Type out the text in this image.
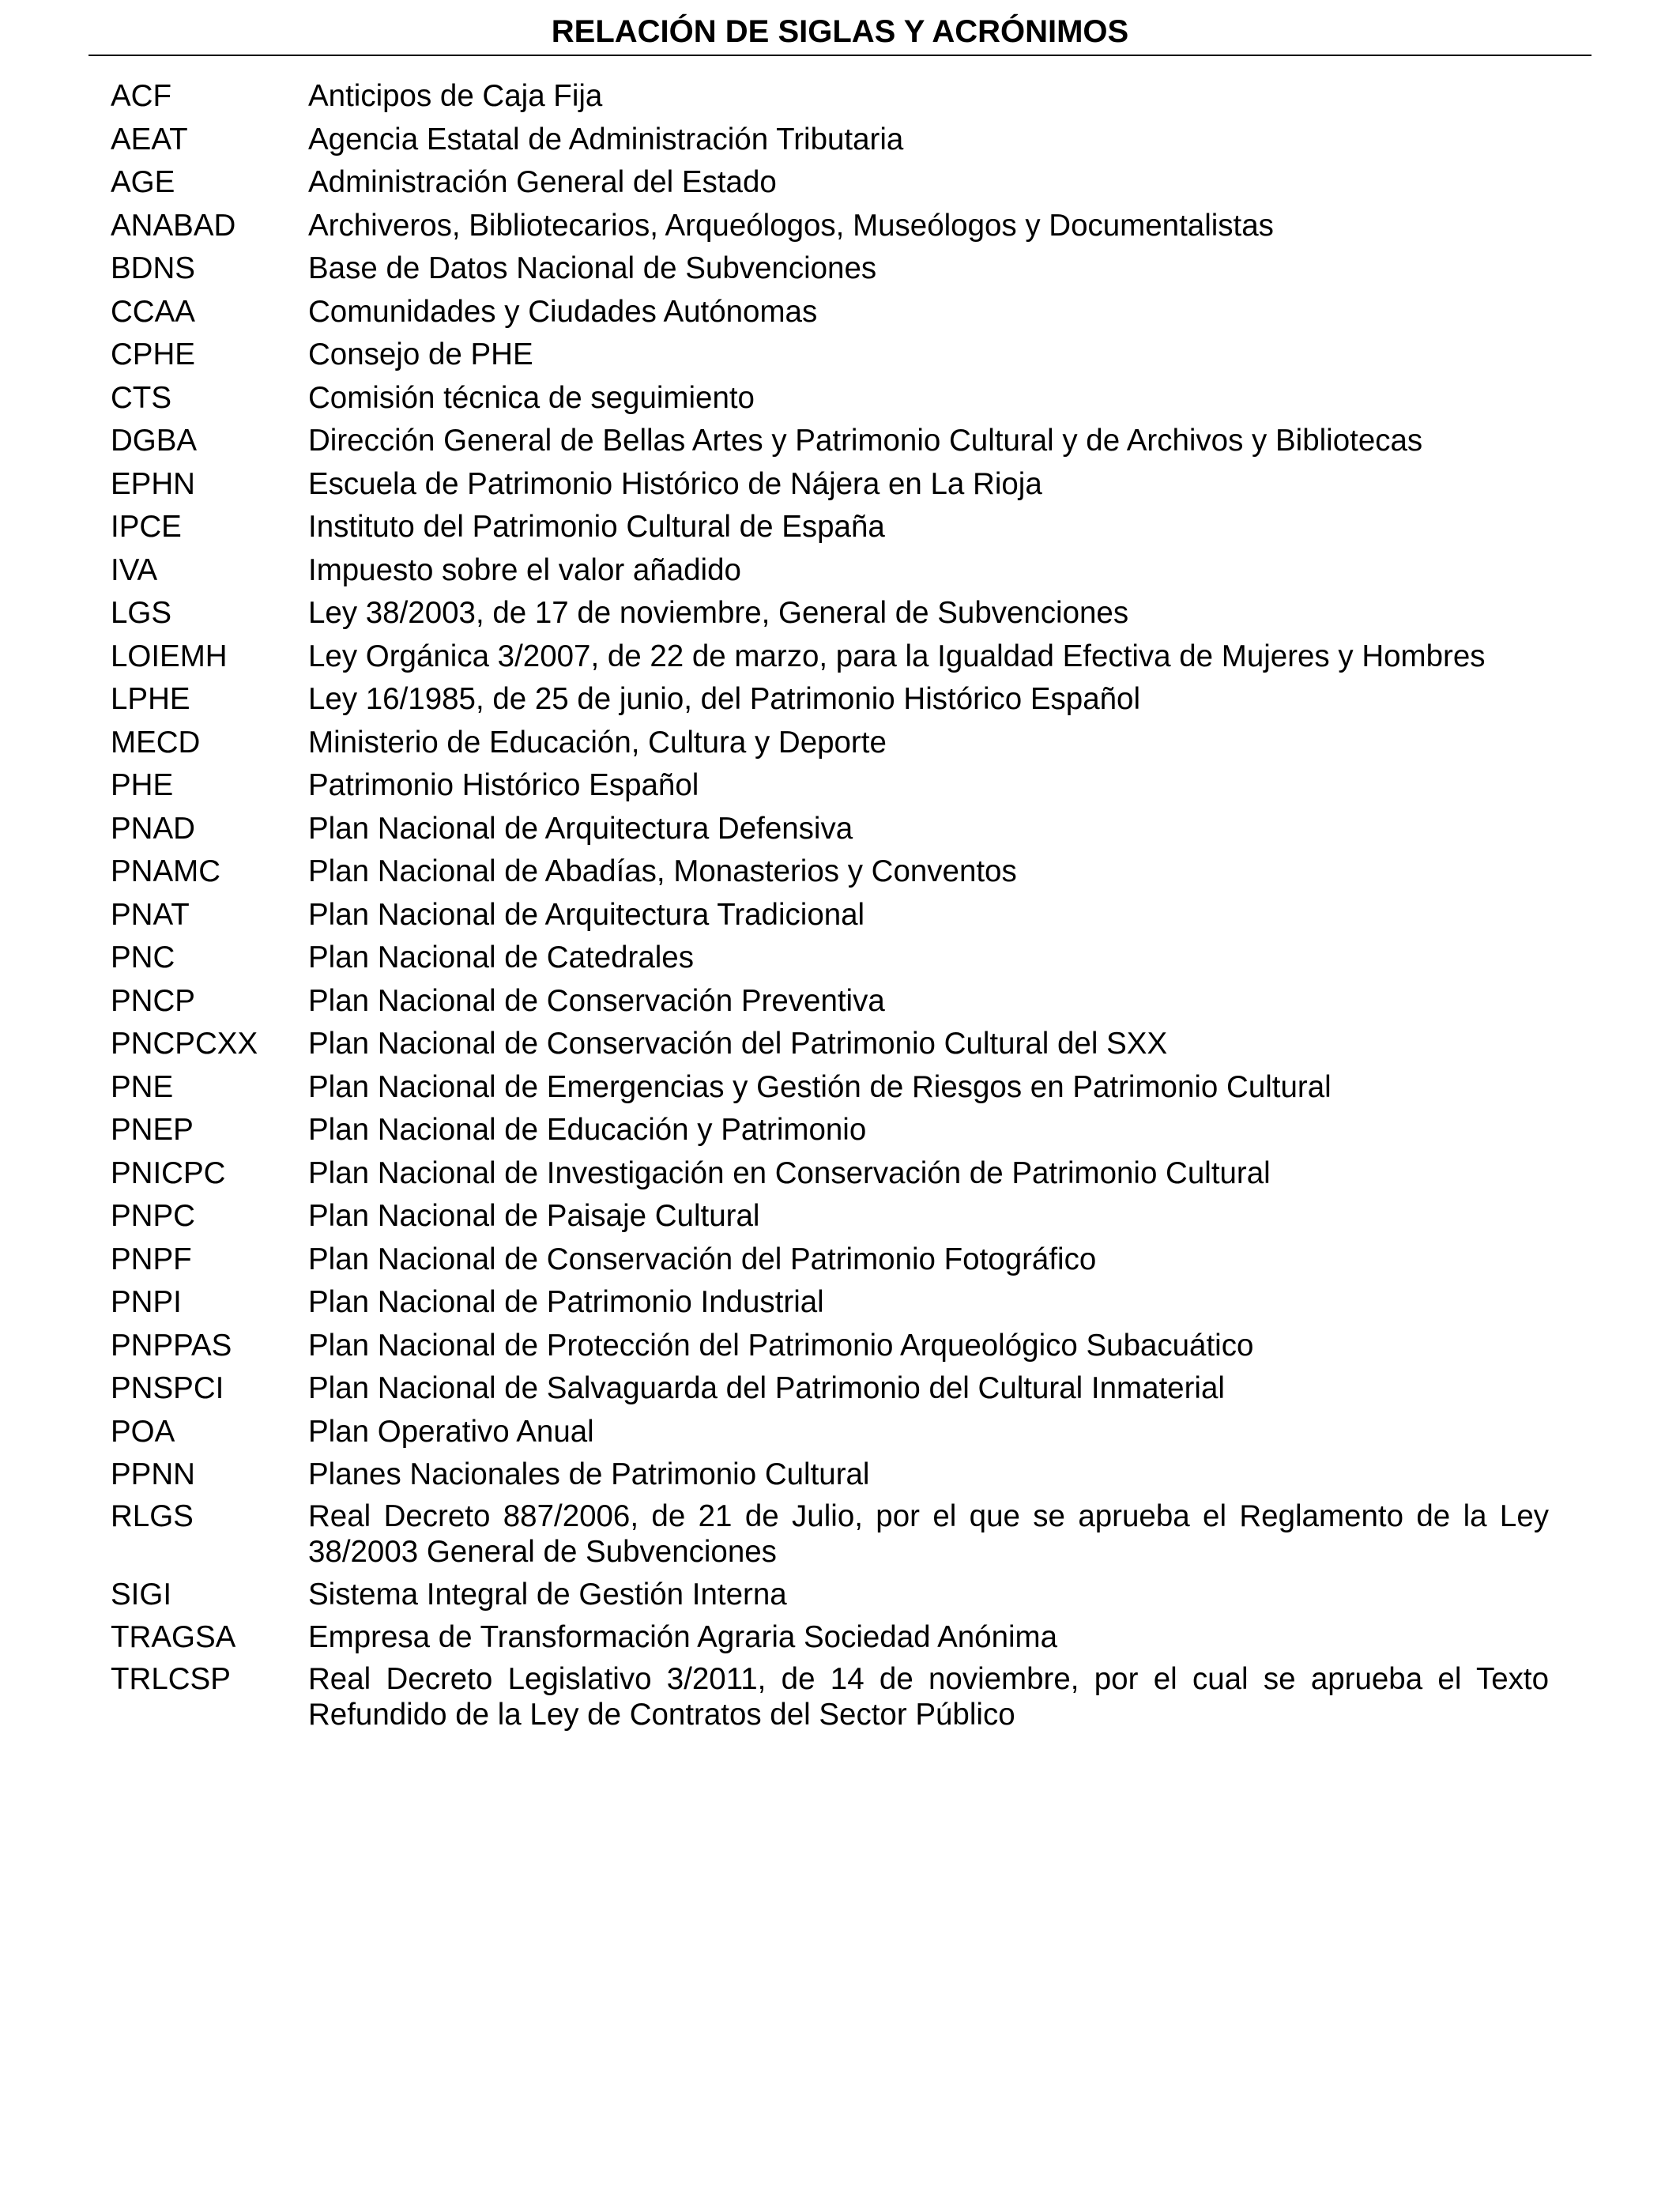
RELACIÓN DE SIGLAS Y ACRÓNIMOS
ACF	Anticipos de Caja Fija
AEAT	Agencia Estatal de Administración Tributaria
AGE	Administración General del Estado
ANABAD	Archiveros, Bibliotecarios, Arqueólogos, Museólogos y Documentalistas
BDNS	Base de Datos Nacional de Subvenciones
CCAA	Comunidades y Ciudades Autónomas
CPHE	Consejo de PHE
CTS	Comisión técnica de seguimiento
DGBA	Dirección General de Bellas Artes y Patrimonio Cultural y de Archivos y Bibliotecas
EPHN	Escuela de Patrimonio Histórico de Nájera en La Rioja
IPCE	Instituto del Patrimonio Cultural de España
IVA	Impuesto sobre el valor añadido
LGS	Ley 38/2003, de 17 de noviembre, General de Subvenciones
LOIEMH	Ley Orgánica 3/2007, de 22 de marzo, para la Igualdad Efectiva de Mujeres y Hombres
LPHE	Ley 16/1985, de 25 de junio, del Patrimonio Histórico Español
MECD	Ministerio de Educación, Cultura y Deporte
PHE	Patrimonio Histórico Español
PNAD	Plan Nacional de Arquitectura Defensiva
PNAMC	Plan Nacional de Abadías, Monasterios y Conventos
PNAT	Plan Nacional de Arquitectura Tradicional
PNC	Plan Nacional de Catedrales
PNCP	Plan Nacional de Conservación Preventiva
PNCPCXX	Plan Nacional de Conservación del Patrimonio Cultural del SXX
PNE	Plan Nacional de Emergencias y Gestión de Riesgos en Patrimonio Cultural
PNEP	Plan Nacional de Educación y Patrimonio
PNICPC	Plan Nacional de Investigación en Conservación de Patrimonio Cultural
PNPC	Plan Nacional de Paisaje Cultural
PNPF	Plan Nacional de Conservación del Patrimonio Fotográfico
PNPI	Plan Nacional de Patrimonio Industrial
PNPPAS	Plan Nacional de Protección del Patrimonio Arqueológico Subacuático
PNSPCI	Plan Nacional de Salvaguarda del Patrimonio del Cultural Inmaterial
POA	Plan Operativo Anual
PPNN	Planes Nacionales de Patrimonio Cultural
RLGS	Real Decreto 887/2006, de 21 de Julio, por el que se aprueba el Reglamento de la Ley 38/2003 General de Subvenciones
SIGI	Sistema Integral de Gestión Interna
TRAGSA	Empresa de Transformación Agraria Sociedad Anónima
TRLCSP	Real Decreto Legislativo 3/2011, de 14 de noviembre, por el cual se aprueba el Texto Refundido de la Ley de Contratos del Sector Público
